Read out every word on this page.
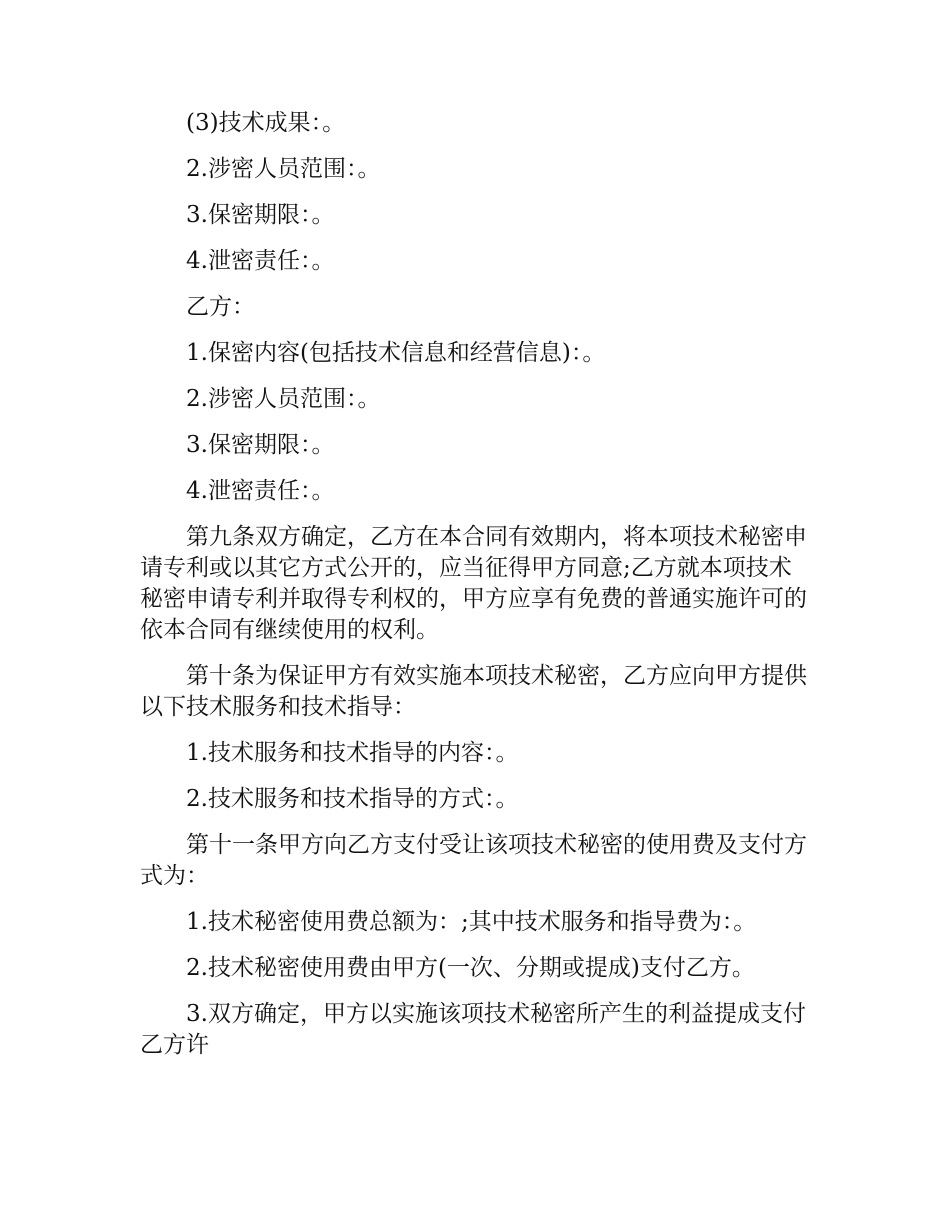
(3)技术成果：。

2.涉密人员范围：。

3.保密期限：。

4.泄密责任：。

乙方：

1.保密内容(包括技术信息和经营信息)：。

2.涉密人员范围：。

3.保密期限：。

4.泄密责任：。

第九条双方确定，乙方在本合同有效期内，将本项技术秘密申请专利或以其它方式公开的，应当征得甲方同意;乙方就本项技术秘密申请专利并取得专利权的，甲方应享有免费的普通实施许可的依本合同有继续使用的权利。

第十条为保证甲方有效实施本项技术秘密，乙方应向甲方提供以下技术服务和技术指导：

1.技术服务和技术指导的内容：。

2.技术服务和技术指导的方式：。

第十一条甲方向乙方支付受让该项技术秘密的使用费及支付方式为：

1.技术秘密使用费总额为：;其中技术服务和指导费为：。

2.技术秘密使用费由甲方(一次、分期或提成)支付乙方。

3.双方确定，甲方以实施该项技术秘密所产生的利益提成支付乙方许
